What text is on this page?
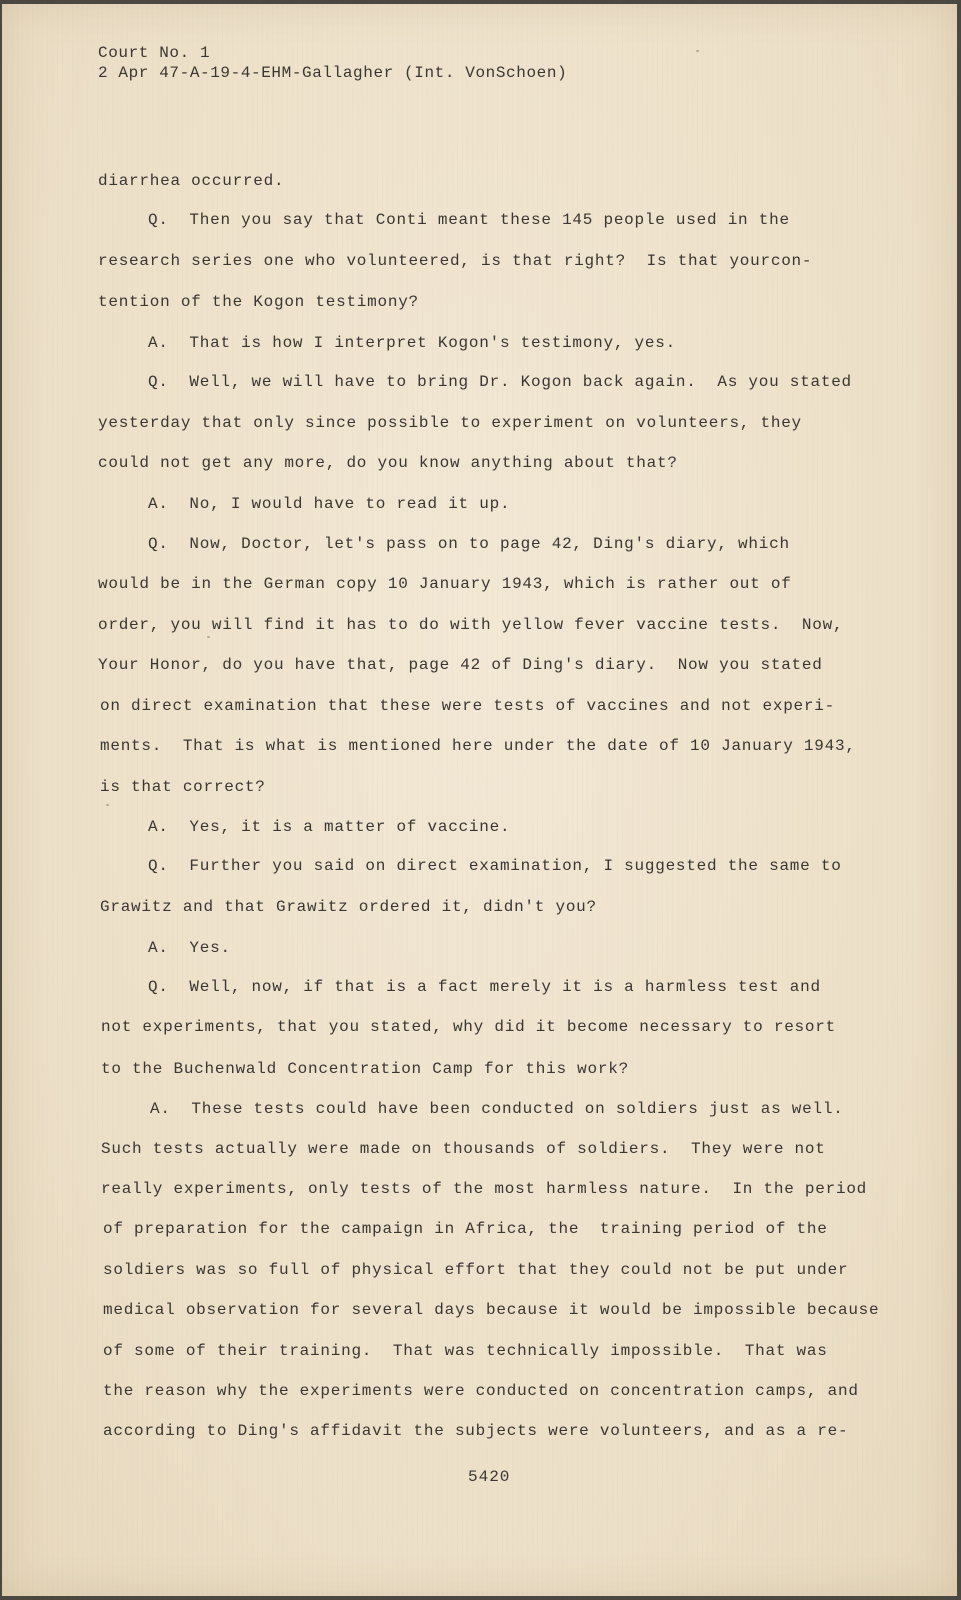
Court No. 1
2 Apr 47-A-19-4-EHM-Gallagher (Int. VonSchoen)
diarrhea occurred.
Q.  Then you say that Conti meant these 145 people used in the
research series one who volunteered, is that right?  Is that yourcon-
tention of the Kogon testimony?
A.  That is how I interpret Kogon's testimony, yes.
Q.  Well, we will have to bring Dr. Kogon back again.  As you stated
yesterday that only since possible to experiment on volunteers, they
could not get any more, do you know anything about that?
A.  No, I would have to read it up.
Q.  Now, Doctor, let's pass on to page 42, Ding's diary, which
would be in the German copy 10 January 1943, which is rather out of
order, you will find it has to do with yellow fever vaccine tests.  Now,
Your Honor, do you have that, page 42 of Ding's diary.  Now you stated
on direct examination that these were tests of vaccines and not experi-
ments.  That is what is mentioned here under the date of 10 January 1943,
is that correct?
A.  Yes, it is a matter of vaccine.
Q.  Further you said on direct examination, I suggested the same to
Grawitz and that Grawitz ordered it, didn't you?
A.  Yes.
Q.  Well, now, if that is a fact merely it is a harmless test and
not experiments, that you stated, why did it become necessary to resort
to the Buchenwald Concentration Camp for this work?
A.  These tests could have been conducted on soldiers just as well.
Such tests actually were made on thousands of soldiers.  They were not
really experiments, only tests of the most harmless nature.  In the period
of preparation for the campaign in Africa, the  training period of the
soldiers was so full of physical effort that they could not be put under
medical observation for several days because it would be impossible because
of some of their training.  That was technically impossible.  That was
the reason why the experiments were conducted on concentration camps, and
according to Ding's affidavit the subjects were volunteers, and as a re-
5420
